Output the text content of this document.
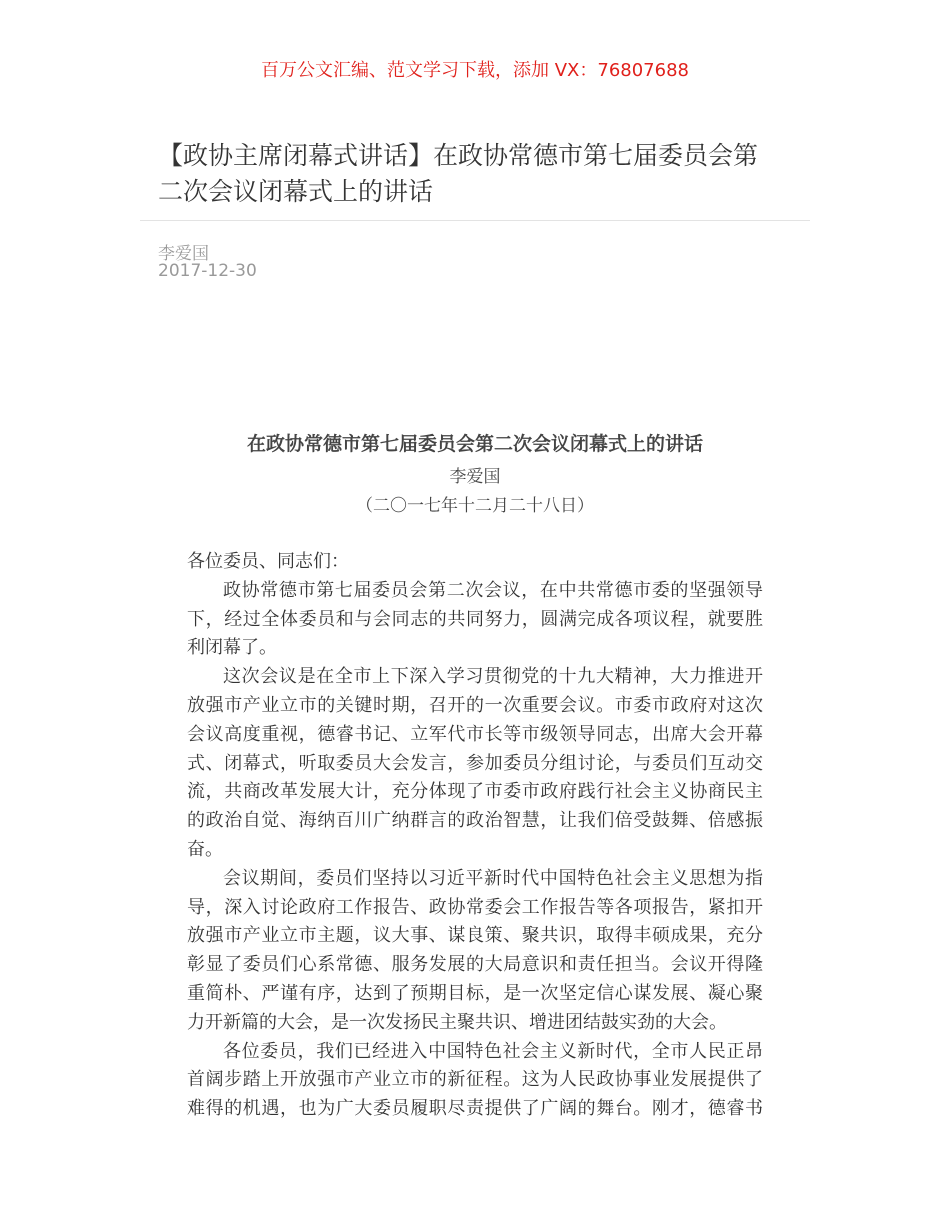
百万公文汇编、范文学习下载，添加 VX：76807688
【政协主席闭幕式讲话】在政协常德市第七届委员会第
二次会议闭幕式上的讲话
李爱国
2017-12-30
在政协常德市第七届委员会第二次会议闭幕式上的讲话
李爱国
（二〇一七年十二月二十八日）
各位委员、同志们：
政协常德市第七届委员会第二次会议，在中共常德市委的坚强领导
下，经过全体委员和与会同志的共同努力，圆满完成各项议程，就要胜
利闭幕了。
这次会议是在全市上下深入学习贯彻党的十九大精神，大力推进开
放强市产业立市的关键时期，召开的一次重要会议。市委市政府对这次
会议高度重视，德睿书记、立军代市长等市级领导同志，出席大会开幕
式、闭幕式，听取委员大会发言，参加委员分组讨论，与委员们互动交
流，共商改革发展大计，充分体现了市委市政府践行社会主义协商民主
的政治自觉、海纳百川广纳群言的政治智慧，让我们倍受鼓舞、倍感振
奋。
会议期间，委员们坚持以习近平新时代中国特色社会主义思想为指
导，深入讨论政府工作报告、政协常委会工作报告等各项报告，紧扣开
放强市产业立市主题，议大事、谋良策、聚共识，取得丰硕成果，充分
彰显了委员们心系常德、服务发展的大局意识和责任担当。会议开得隆
重简朴、严谨有序，达到了预期目标，是一次坚定信心谋发展、凝心聚
力开新篇的大会，是一次发扬民主聚共识、增进团结鼓实劲的大会。
各位委员，我们已经进入中国特色社会主义新时代，全市人民正昂
首阔步踏上开放强市产业立市的新征程。这为人民政协事业发展提供了
难得的机遇，也为广大委员履职尽责提供了广阔的舞台。刚才，德睿书
